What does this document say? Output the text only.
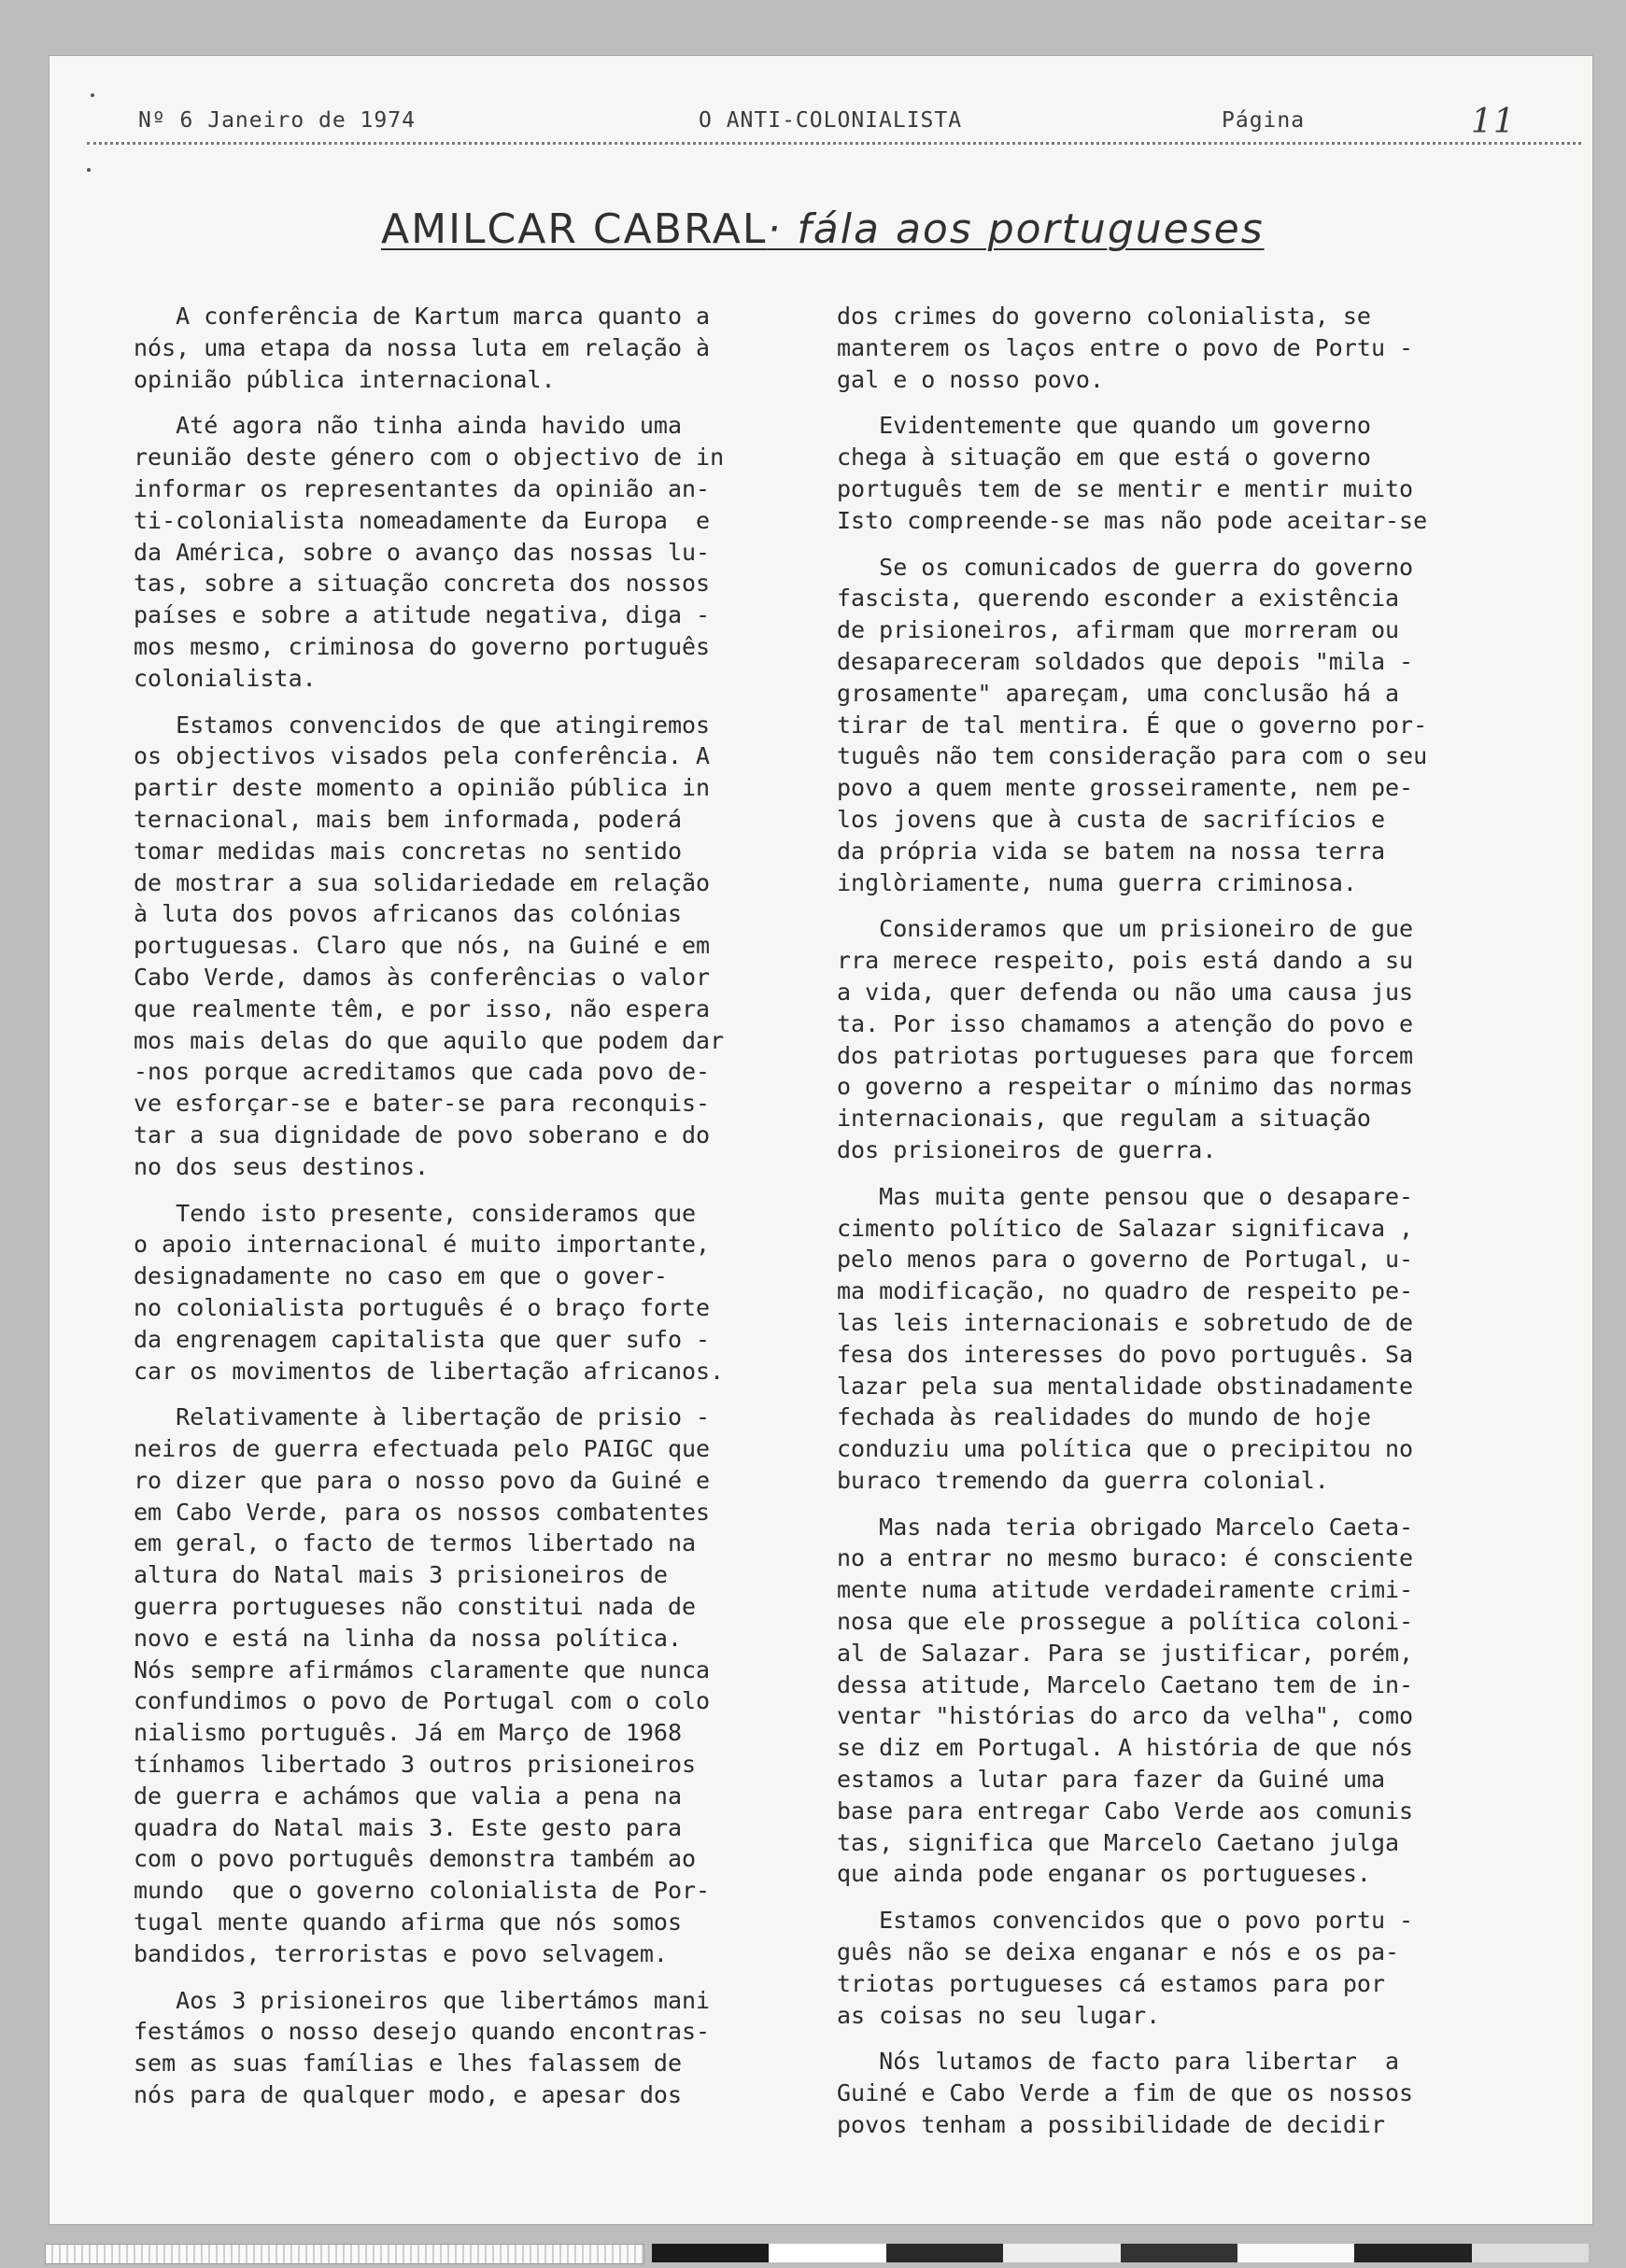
Nº 6 Janeiro de 1974	O ANTI-COLONIALISTA	Página	11
AMILCAR CABRAL· fála aos portugueses

A conferência de Kartum marca quanto a
nós, uma etapa da nossa luta em relação à
opinião pública internacional.

Até agora não tinha ainda havido uma
reunião deste género com o objectivo de in
informar os representantes da opinião an-
ti-colonialista nomeadamente da Europa  e
da América, sobre o avanço das nossas lu-
tas, sobre a situação concreta dos nossos
países e sobre a atitude negativa, diga -
mos mesmo, criminosa do governo português
colonialista.

Estamos convencidos de que atingiremos
os objectivos visados pela conferência. A
partir deste momento a opinião pública in
ternacional, mais bem informada, poderá
tomar medidas mais concretas no sentido
de mostrar a sua solidariedade em relação
à luta dos povos africanos das colónias
portuguesas. Claro que nós, na Guiné e em
Cabo Verde, damos às conferências o valor
que realmente têm, e por isso, não espera
mos mais delas do que aquilo que podem dar
-nos porque acreditamos que cada povo de-
ve esforçar-se e bater-se para reconquis-
tar a sua dignidade de povo soberano e do
no dos seus destinos.

Tendo isto presente, consideramos que
o apoio internacional é muito importante,
designadamente no caso em que o gover-
no colonialista português é o braço forte
da engrenagem capitalista que quer sufo -
car os movimentos de libertação africanos.

Relativamente à libertação de prisio -
neiros de guerra efectuada pelo PAIGC que
ro dizer que para o nosso povo da Guiné e
em Cabo Verde, para os nossos combatentes
em geral, o facto de termos libertado na
altura do Natal mais 3 prisioneiros de
guerra portugueses não constitui nada de
novo e está na linha da nossa política.
Nós sempre afirmámos claramente que nunca
confundimos o povo de Portugal com o colo
nialismo português. Já em Março de 1968
tínhamos libertado 3 outros prisioneiros
de guerra e achámos que valia a pena na
quadra do Natal mais 3. Este gesto para
com o povo português demonstra também ao
mundo  que o governo colonialista de Por-
tugal mente quando afirma que nós somos
bandidos, terroristas e povo selvagem.

Aos 3 prisioneiros que libertámos mani
festámos o nosso desejo quando encontras-
sem as suas famílias e lhes falassem de
nós para de qualquer modo, e apesar dos

dos crimes do governo colonialista, se
manterem os laços entre o povo de Portu -
gal e o nosso povo.

Evidentemente que quando um governo
chega à situação em que está o governo
português tem de se mentir e mentir muito
Isto compreende-se mas não pode aceitar-se

Se os comunicados de guerra do governo
fascista, querendo esconder a existência
de prisioneiros, afirmam que morreram ou
desapareceram soldados que depois "mila -
grosamente" apareçam, uma conclusão há a
tirar de tal mentira. É que o governo por-
tuguês não tem consideração para com o seu
povo a quem mente grosseiramente, nem pe-
los jovens que à custa de sacrifícios e
da própria vida se batem na nossa terra
inglòriamente, numa guerra criminosa.

Consideramos que um prisioneiro de gue
rra merece respeito, pois está dando a su
a vida, quer defenda ou não uma causa jus
ta. Por isso chamamos a atenção do povo e
dos patriotas portugueses para que forcem
o governo a respeitar o mínimo das normas
internacionais, que regulam a situação
dos prisioneiros de guerra.

Mas muita gente pensou que o desapare-
cimento político de Salazar significava ,
pelo menos para o governo de Portugal, u-
ma modificação, no quadro de respeito pe-
las leis internacionais e sobretudo de de
fesa dos interesses do povo português. Sa
lazar pela sua mentalidade obstinadamente
fechada às realidades do mundo de hoje
conduziu uma política que o precipitou no
buraco tremendo da guerra colonial.

Mas nada teria obrigado Marcelo Caeta-
no a entrar no mesmo buraco: é consciente
mente numa atitude verdadeiramente crimi-
nosa que ele prossegue a política coloni-
al de Salazar. Para se justificar, porém,
dessa atitude, Marcelo Caetano tem de in-
ventar "histórias do arco da velha", como
se diz em Portugal. A história de que nós
estamos a lutar para fazer da Guiné uma
base para entregar Cabo Verde aos comunis
tas, significa que Marcelo Caetano julga
que ainda pode enganar os portugueses.

Estamos convencidos que o povo portu -
guês não se deixa enganar e nós e os pa-
triotas portugueses cá estamos para por
as coisas no seu lugar.

Nós lutamos de facto para libertar  a
Guiné e Cabo Verde a fim de que os nossos
povos tenham a possibilidade de decidir
